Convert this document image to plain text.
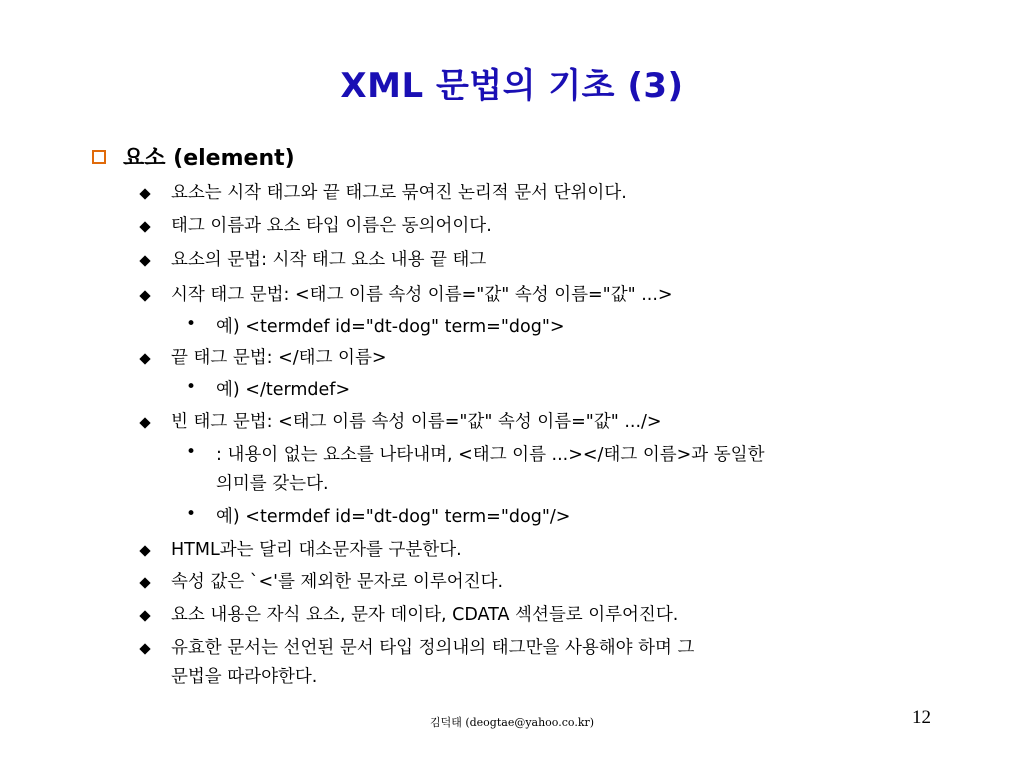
XML 문법의 기초 (3)
요소 (element)
요소는 시작 태그와 끝 태그로 묶여진 논리적 문서 단위이다.
태그 이름과 요소 타입 이름은 동의어이다.
요소의 문법: 시작 태그 요소 내용 끝 태그
시작 태그 문법: <태그 이름 속성 이름="값" 속성 이름="값" ...>
• 예) <termdef id="dt-dog" term="dog">
끝 태그 문법: </태그 이름>
• 예) </termdef>
빈 태그 문법: <태그 이름 속성 이름="값" 속성 이름="값" .../>
• : 내용이 없는 요소를 나타내며, <태그 이름 ...></태그 이름>과 동일한
의미를 갖는다.
• 예) <termdef id="dt-dog" term="dog"/>
HTML과는 달리 대소문자를 구분한다.
속성 값은 `<'를 제외한 문자로 이루어진다.
요소 내용은 자식 요소, 문자 데이타, CDATA 섹션들로 이루어진다.
유효한 문서는 선언된 문서 타입 정의내의 태그만을 사용해야 하며 그
문법을 따라야한다.
김덕태 (deogtae@yahoo.co.kr)	12
